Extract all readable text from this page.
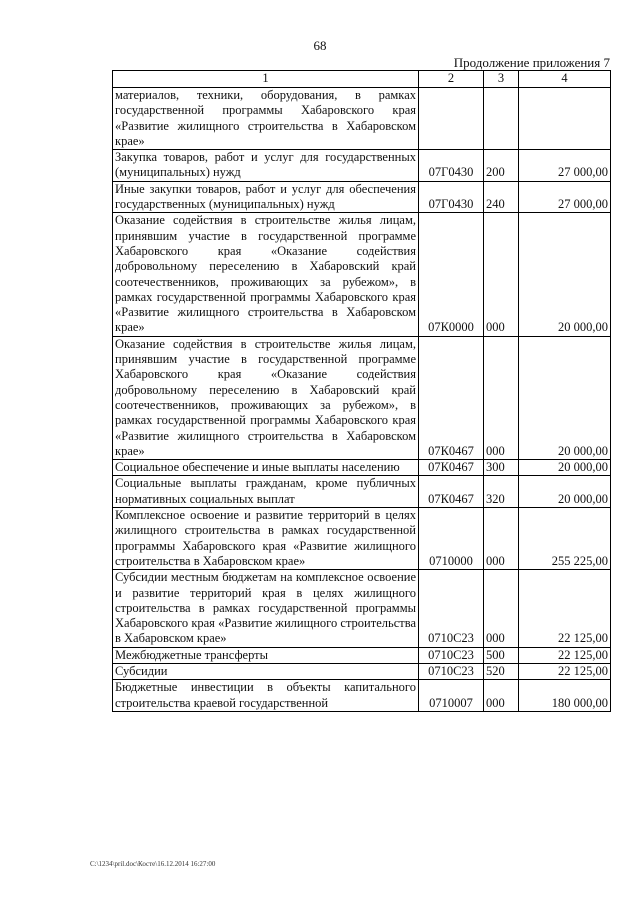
68
Продолжение приложения 7
1	2	3	4
материалов, техники, оборудования, в рамках государственной программы Хабаровского края «Развитие жилищного строительства в Хабаровском крае»			
Закупка товаров, работ и услуг для государственных (муниципальных) нужд	07Г0430	200	27 000,00
Иные закупки товаров, работ и услуг для обеспечения государственных (муниципальных) нужд	07Г0430	240	27 000,00
Оказание содействия в строительстве жилья лицам, принявшим участие в государственной программе Хабаровского края «Оказание содействия добровольному переселению в Хабаровский край соотечественников, проживающих за рубежом», в рамках государственной программы Хабаровского края «Развитие жилищного строительства в Хабаровском крае»	07К0000	000	20 000,00
Оказание содействия в строительстве жилья лицам, принявшим участие в государственной программе Хабаровского края «Оказание содействия добровольному переселению в Хабаровский край соотечественников, проживающих за рубежом», в рамках государственной программы Хабаровского края «Развитие жилищного строительства в Хабаровском крае»	07К0467	000	20 000,00
Социальное обеспечение и иные выплаты населению	07К0467	300	20 000,00
Социальные выплаты гражданам, кроме публичных нормативных социальных выплат	07К0467	320	20 000,00
Комплексное освоение и развитие территорий в целях жилищного строительства в рамках государственной программы Хабаровского края «Развитие жилищного строительства в Хабаровском крае»	0710000	000	255 225,00
Субсидии местным бюджетам на комплексное освоение и развитие территорий края в целях жилищного строительства в рамках государственной программы Хабаровского края «Развитие жилищного строительства в Хабаровском крае»	0710С23	000	22 125,00
Межбюджетные трансферты	0710С23	500	22 125,00
Субсидии	0710С23	520	22 125,00
Бюджетные инвестиции в объекты капитального строительства краевой государственной	0710007	000	180 000,00
C:\1234\pril.doc\Косте\16.12.2014 16:27:00
